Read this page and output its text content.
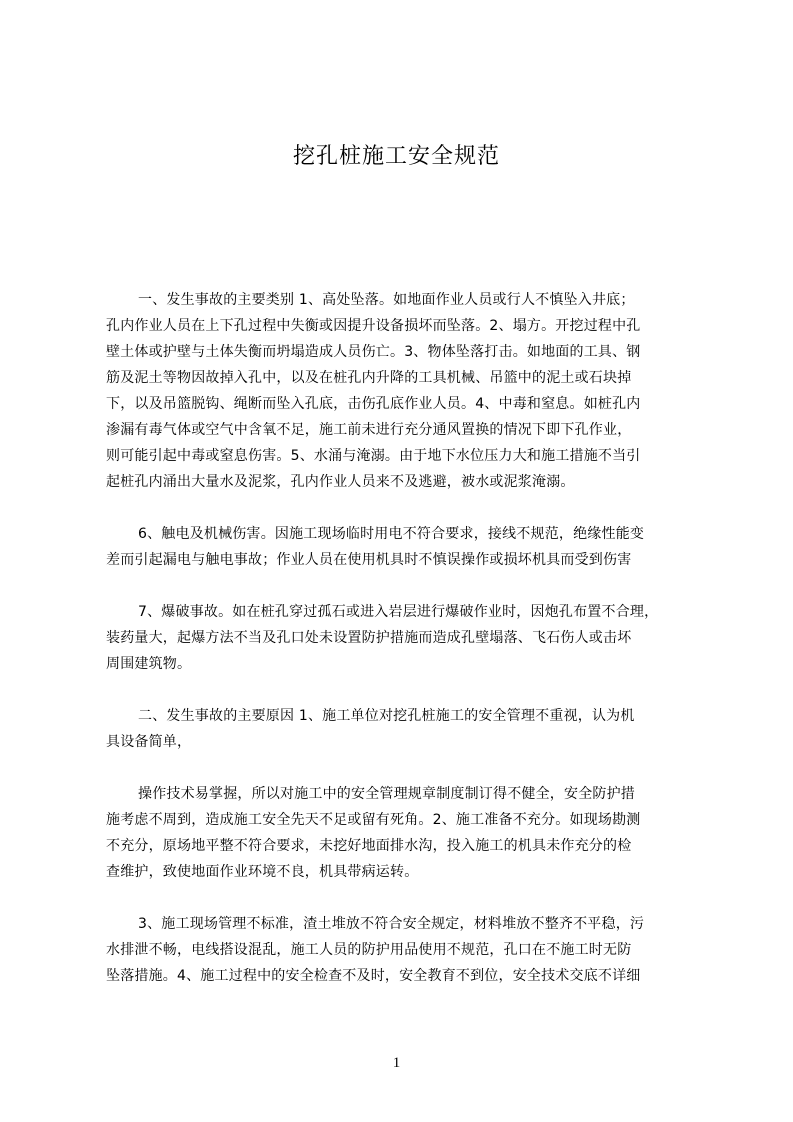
挖孔桩施工安全规范

一、发生事故的主要类别 1、高处坠落。如地面作业人员或行人不慎坠入井底；
孔内作业人员在上下孔过程中失衡或因提升设备损坏而坠落。2、塌方。开挖过程中孔
壁土体或护壁与土体失衡而坍塌造成人员伤亡。3、物体坠落打击。如地面的工具、钢
筋及泥土等物因故掉入孔中，以及在桩孔内升降的工具机械、吊篮中的泥土或石块掉
下，以及吊篮脱钩、绳断而坠入孔底，击伤孔底作业人员。4、中毒和窒息。如桩孔内
渗漏有毒气体或空气中含氧不足，施工前未进行充分通风置换的情况下即下孔作业，
则可能引起中毒或窒息伤害。5、水涌与淹溺。由于地下水位压力大和施工措施不当引
起桩孔内涌出大量水及泥浆，孔内作业人员来不及逃避，被水或泥浆淹溺。

6、触电及机械伤害。因施工现场临时用电不符合要求，接线不规范，绝缘性能变
差而引起漏电与触电事故；作业人员在使用机具时不慎误操作或损坏机具而受到伤害

7、爆破事故。如在桩孔穿过孤石或进入岩层进行爆破作业时，因炮孔布置不合理，
装药量大，起爆方法不当及孔口处未设置防护措施而造成孔壁塌落、飞石伤人或击坏
周围建筑物。

二、发生事故的主要原因 1、施工单位对挖孔桩施工的安全管理不重视，认为机
具设备简单，

操作技术易掌握，所以对施工中的安全管理规章制度制订得不健全，安全防护措
施考虑不周到，造成施工安全先天不足或留有死角。2、施工准备不充分。如现场勘测
不充分，原场地平整不符合要求，未挖好地面排水沟，投入施工的机具未作充分的检
查维护，致使地面作业环境不良，机具带病运转。

3、施工现场管理不标准，渣土堆放不符合安全规定，材料堆放不整齐不平稳，污
水排泄不畅，电线搭设混乱，施工人员的防护用品使用不规范，孔口在不施工时无防
坠落措施。4、施工过程中的安全检查不及时，安全教育不到位，安全技术交底不详细

1
